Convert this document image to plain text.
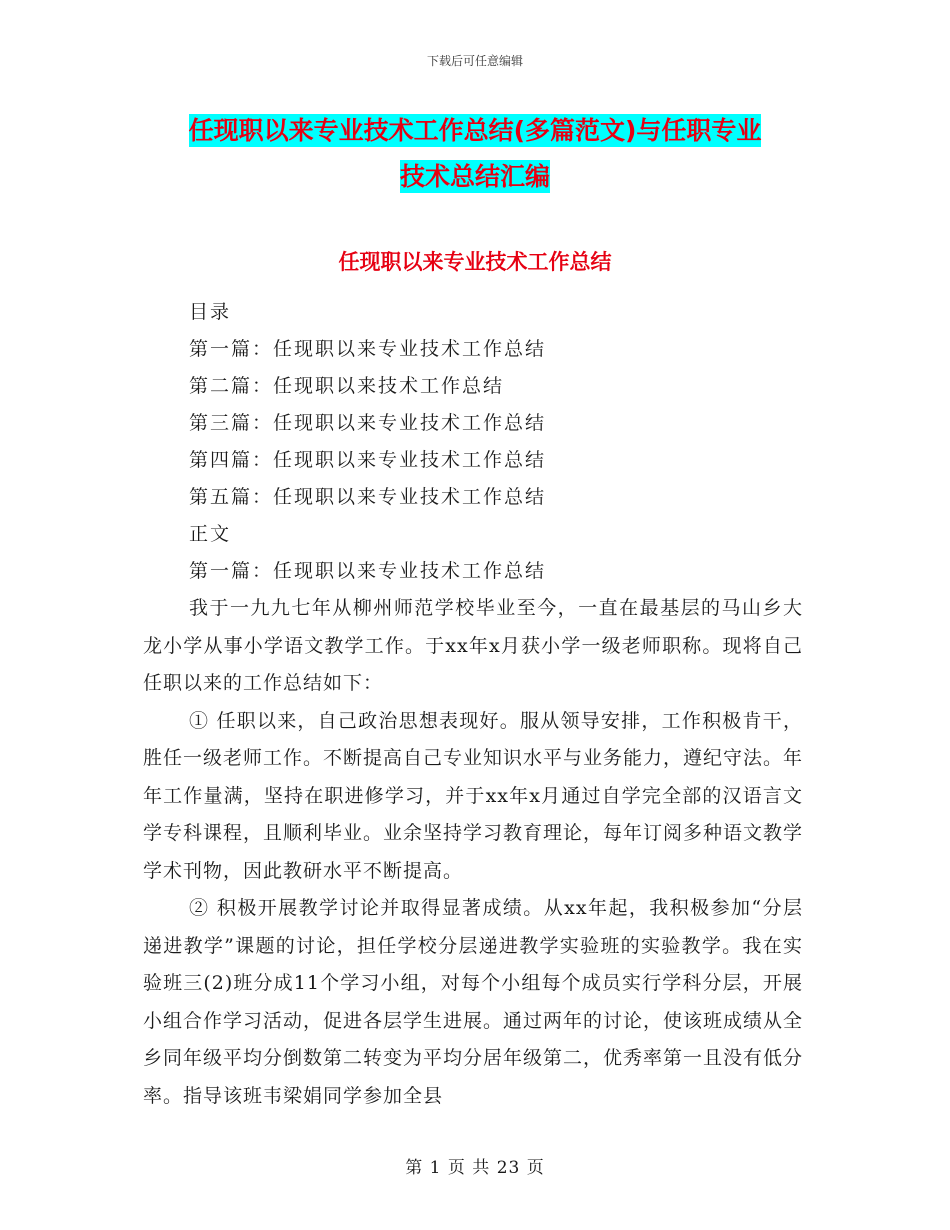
下载后可任意编辑
任现职以来专业技术工作总结(多篇范文)与任职专业
技术总结汇编
任现职以来专业技术工作总结
目录
第一篇：任现职以来专业技术工作总结
第二篇：任现职以来技术工作总结
第三篇：任现职以来专业技术工作总结
第四篇：任现职以来专业技术工作总结
第五篇：任现职以来专业技术工作总结
正文
第一篇：任现职以来专业技术工作总结

我于一九九七年从柳州师范学校毕业至今，一直在最基层的马山乡大龙小学从事小学语文教学工作。于xx年x月获小学一级老师职称。现将自己任职以来的工作总结如下：

① 任职以来，自己政治思想表现好。服从领导安排，工作积极肯干，胜任一级老师工作。不断提高自己专业知识水平与业务能力，遵纪守法。年年工作量满，坚持在职进修学习，并于xx年x月通过自学完全部的汉语言文学专科课程，且顺利毕业。业余坚持学习教育理论，每年订阅多种语文教学学术刊物，因此教研水平不断提高。

② 积极开展教学讨论并取得显著成绩。从xx年起，我积极参加“分层递进教学”课题的讨论，担任学校分层递进教学实验班的实验教学。我在实验班三(2)班分成11个学习小组，对每个小组每个成员实行学科分层，开展小组合作学习活动，促进各层学生进展。通过两年的讨论，使该班成绩从全乡同年级平均分倒数第二转变为平均分居年级第二，优秀率第一且没有低分率。指导该班韦梁娟同学参加全县

第 1 页 共 23 页
